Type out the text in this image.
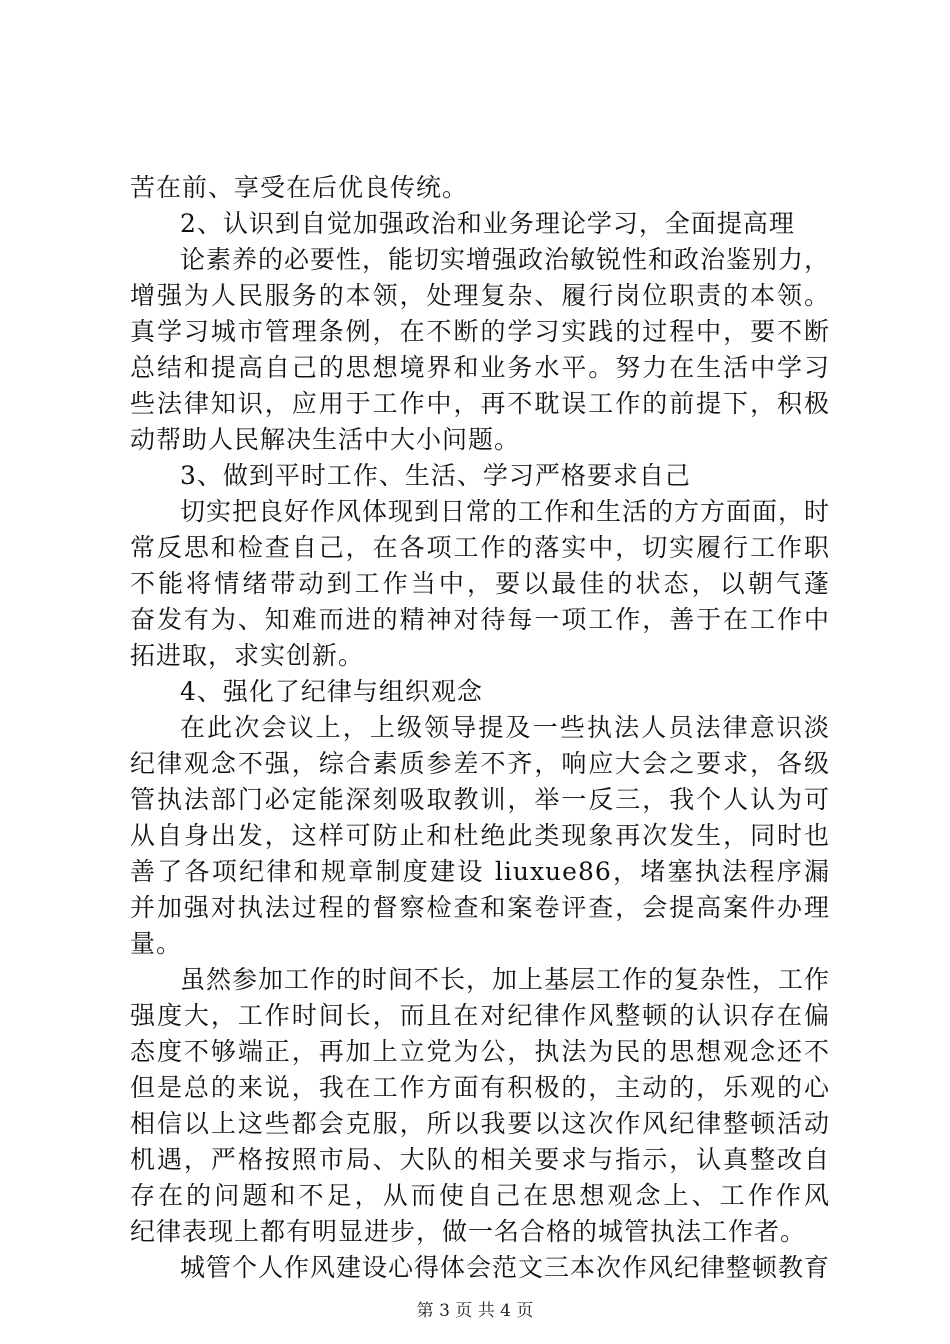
苦在前、享受在后优良传统。
2、认识到自觉加强政治和业务理论学习，全面提高理
论素养的必要性，能切实增强政治敏锐性和政治鉴别力，
增强为人民服务的本领，处理复杂、履行岗位职责的本领。
真学习城市管理条例，在不断的学习实践的过程中，要不断
总结和提高自己的思想境界和业务水平。努力在生活中学习
些法律知识，应用于工作中，再不耽误工作的前提下，积极
动帮助人民解决生活中大小问题。
3、做到平时工作、生活、学习严格要求自己
切实把良好作风体现到日常的工作和生活的方方面面，时
常反思和检查自己，在各项工作的落实中，切实履行工作职
不能将情绪带动到工作当中，要以最佳的状态，以朝气蓬
奋发有为、知难而进的精神对待每一项工作，善于在工作中
拓进取，求实创新。
4、强化了纪律与组织观念
在此次会议上，上级领导提及一些执法人员法律意识淡
纪律观念不强，综合素质参差不齐，响应大会之要求，各级
管执法部门必定能深刻吸取教训，举一反三，我个人认为可
从自身出发，这样可防止和杜绝此类现象再次发生，同时也
善了各项纪律和规章制度建设 liuxue86，堵塞执法程序漏
并加强对执法过程的督察检查和案卷评查，会提高案件办理
量。
虽然参加工作的时间不长，加上基层工作的复杂性，工作
强度大，工作时间长，而且在对纪律作风整顿的认识存在偏
态度不够端正，再加上立党为公，执法为民的思想观念还不
但是总的来说，我在工作方面有积极的，主动的，乐观的心
相信以上这些都会克服，所以我要以这次作风纪律整顿活动
机遇，严格按照市局、大队的相关要求与指示，认真整改自
存在的问题和不足，从而使自己在思想观念上、工作作风
纪律表现上都有明显进步，做一名合格的城管执法工作者。
城管个人作风建设心得体会范文三本次作风纪律整顿教育
第 3 页 共 4 页
